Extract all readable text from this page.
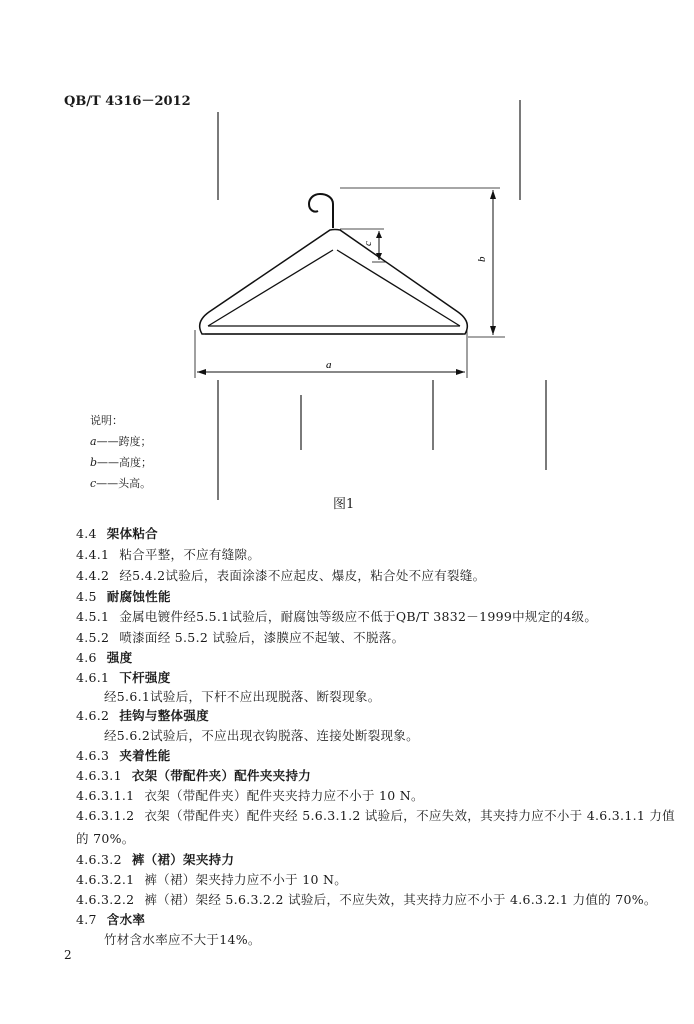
QB/T 4316－2012
a
b
c
说明：
a——跨度；
b——高度；
c——头高。
图1
4.4 架体粘合
4.4.1 粘合平整，不应有缝隙。
4.4.2 经5.4.2试验后，表面涂漆不应起皮、爆皮，粘合处不应有裂缝。
4.5 耐腐蚀性能
4.5.1 金属电镀件经5.5.1试验后，耐腐蚀等级应不低于QB/T 3832－1999中规定的4级。
4.5.2 喷漆面经 5.5.2 试验后，漆膜应不起皱、不脱落。
4.6 强度
4.6.1 下杆强度
经5.6.1试验后，下杆不应出现脱落、断裂现象。
4.6.2 挂钩与整体强度
经5.6.2试验后，不应出现衣钩脱落、连接处断裂现象。
4.6.3 夹着性能
4.6.3.1 衣架（带配件夹）配件夹夹持力
4.6.3.1.1 衣架（带配件夹）配件夹夹持力应不小于 10 N。
4.6.3.1.2 衣架（带配件夹）配件夹经 5.6.3.1.2 试验后，不应失效，其夹持力应不小于 4.6.3.1.1 力值
的 70%。
4.6.3.2 裤（裙）架夹持力
4.6.3.2.1 裤（裙）架夹持力应不小于 10 N。
4.6.3.2.2 裤（裙）架经 5.6.3.2.2 试验后，不应失效，其夹持力应不小于 4.6.3.2.1 力值的 70%。
4.7 含水率
竹材含水率应不大于14%。
2
